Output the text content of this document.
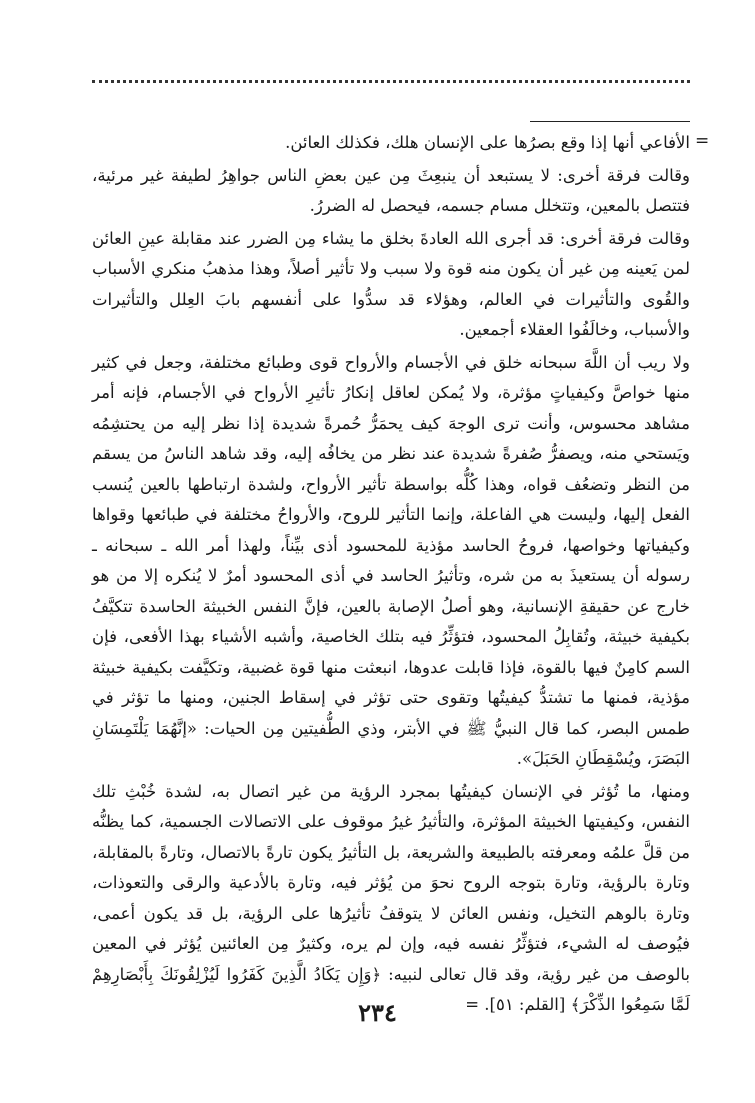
=

الأفاعي أنها إذا وقع بصرُها على الإنسان هلك، فكذلك العائن.

وقالت فرقة أخرى: لا يستبعد أن ينبعِثَ مِن عين بعضِ الناس جواهِرُ لطيفة غير مرئية، فتتصل بالمعين، وتتخلل مسام جسمه، فيحصل له الضررُ.

وقالت فرقة أخرى: قد أجرى الله العادةَ بخلق ما يشاء مِن الضرر عند مقابلة عينِ العائن لمن يَعينه مِن غير أن يكون منه قوة ولا سبب ولا تأثير أصلاً، وهذا مذهبُ منكري الأسباب والقُوى والتأثيرات في العالم، وهؤلاء قد سدُّوا على أنفسهم بابَ العِلل والتأثيرات والأسباب، وخالَفُوا العقلاء أجمعين.

ولا ريب أن اللَّهَ سبحانه خلق في الأجسام والأرواح قوى وطبائع مختلفة، وجعل في كثير منها خواصَّ وكيفياتٍ مؤثرة، ولا يُمكن لعاقل إنكارُ تأثيرِ الأرواح في الأجسام، فإنه أمر مشاهد محسوس، وأنت ترى الوجهَ كيف يحمَرُّ حُمرةً شديدة إذا نظر إليه من يحتشِمُه ويَستحي منه، ويصفرُّ صُفرةً شديدة عند نظر من يخافُه إليه، وقد شاهد الناسُ من يسقم من النظر وتضعُف قواه، وهذا كُلُّه بواسطة تأثير الأرواح، ولشدة ارتباطها بالعين يُنسب الفعل إليها، وليست هي الفاعلة، وإنما التأثير للروح، والأرواحُ مختلفة في طبائعها وقواها وكيفياتها وخواصها، فروحُ الحاسد مؤذية للمحسود أذى بيِّناً، ولهذا أمر الله ـ سبحانه ـ رسوله أن يستعيذَ به من شره، وتأثيرُ الحاسد في أذى المحسود أمرٌ لا يُنكره إلا من هو خارج عن حقيقةِ الإنسانية، وهو أصلُ الإصابة بالعين، فإنَّ النفس الخبيثة الحاسدة تتكيَّفُ بكيفية خبيثة، وتُقابِلُ المحسود، فتؤثِّرُ فيه بتلك الخاصية، وأشبه الأشياء بهذا الأفعى، فإن السم كامِنٌ فيها بالقوة، فإذا قابلت عدوها، انبعثت منها قوة غضبية، وتكيَّفت بكيفية خبيثة مؤذية، فمنها ما تشتدُّ كيفيتُها وتقوى حتى تؤثر في إسقاط الجنين، ومنها ما تؤثر في طمس البصر، كما قال النبيُّ ﷺ في الأبتر، وذي الطُّفيتين مِن الحيات: «إنَّهُمَا يَلْتَمِسَانِ البَصَرَ، ويُسْقِطَانِ الحَبَلَ».

ومنها، ما تُؤثر في الإنسان كيفيتُها بمجرد الرؤية من غير اتصال به، لشدة خُبْثِ تلك النفس، وكيفيتها الخبيثة المؤثرة، والتأثيرُ غيرُ موقوف على الاتصالات الجسمية، كما يظنُّه من قلَّ علمُه ومعرفته بالطبيعة والشريعة، بل التأثيرُ يكون تارةً بالاتصال، وتارةً بالمقابلة، وتارة بالرؤية، وتارة بتوجه الروح نحوَ من يُؤثر فيه، وتارة بالأدعية والرقى والتعوذات، وتارة بالوهم التخيل، ونفس العائن لا يتوقفُ تأثيرُها على الرؤية، بل قد يكون أعمى، فيُوصف له الشيء، فتؤثِّرُ نفسه فيه، وإن لم يره، وكثيرٌ مِن العائنين يُؤثر في المعين بالوصف من غير رؤية، وقد قال تعالى لنبيه: ﴿وَإِن يَكَادُ الَّذِينَ كَفَرُوا لَيُزْلِقُونَكَ بِأَبْصَارِهِمْ لَمَّا سَمِعُوا الذِّكْرَ﴾ [القلم: ٥١]. =

٢٣٤
